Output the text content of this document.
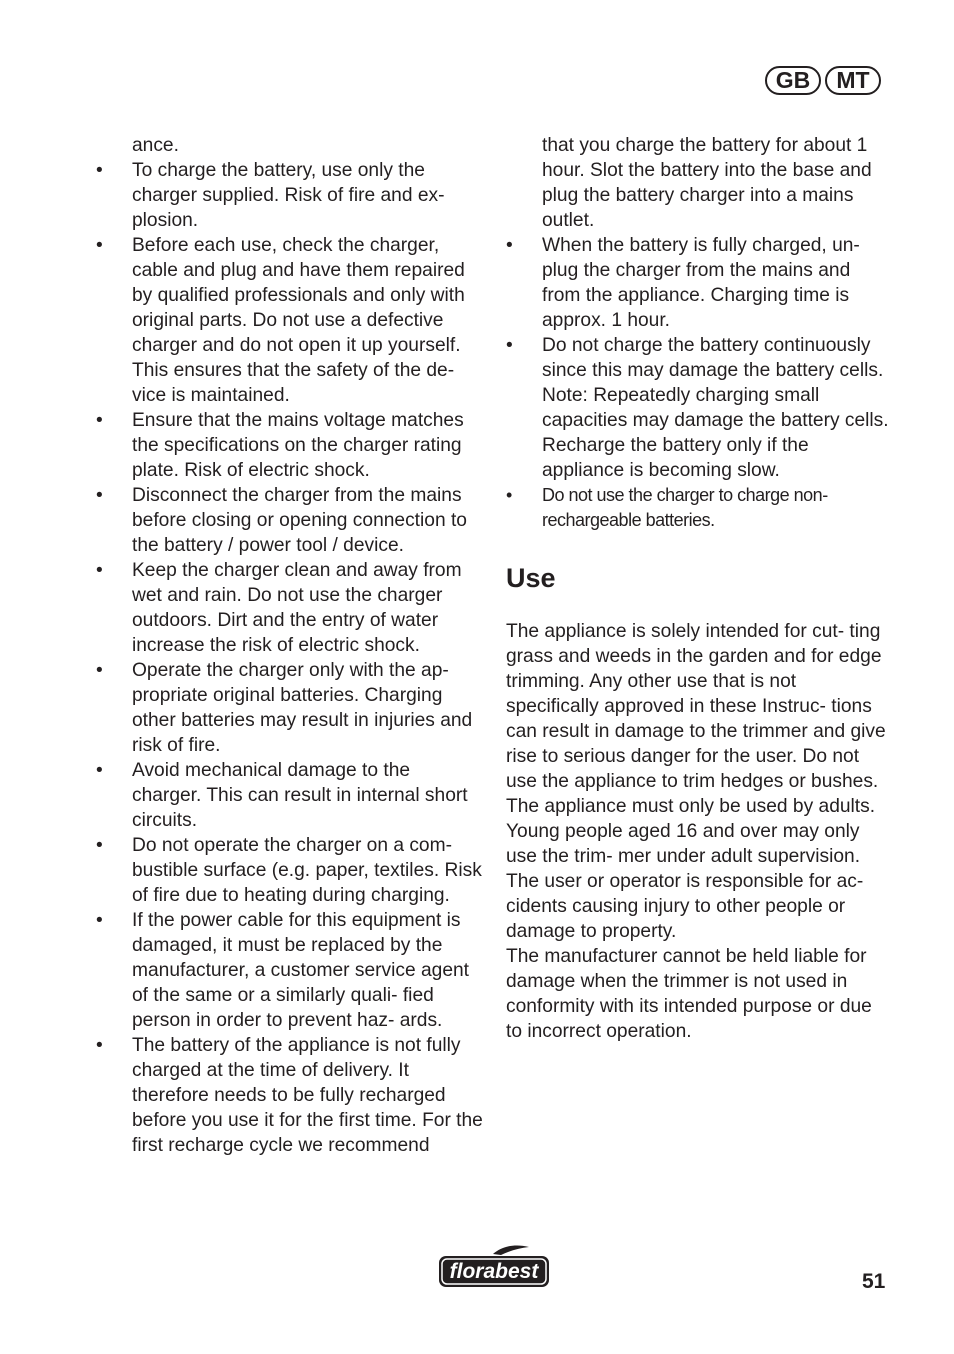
GB	MT
ance.
• To charge the battery, use only the charger supplied. Risk of fire and ex- plosion.
• Before each use, check the charger, cable and plug and have them repaired by qualified professionals and only with original parts. Do not use a defective charger and do not open it up yourself. This ensures that the safety of the de- vice is maintained.
• Ensure that the mains voltage matches the specifications on the charger rating plate. Risk of electric shock.
• Disconnect the charger from the mains before closing or opening connection to the battery / power tool / device.
• Keep the charger clean and away from wet and rain. Do not use the charger outdoors. Dirt and the entry of water increase the risk of electric shock.
• Operate the charger only with the ap- propriate original batteries. Charging other batteries may result in injuries and risk of fire.
• Avoid mechanical damage to the charger. This can result in internal short circuits.
• Do not operate the charger on a com- bustible surface (e.g. paper, textiles. Risk of fire due to heating during charging.
• If the power cable for this equipment is damaged, it must be replaced by the manufacturer, a customer service agent of the same or a similarly quali- fied person in order to prevent haz- ards.
• The battery of the appliance is not fully charged at the time of delivery. It therefore needs to be fully recharged before you use it for the first time. For the first recharge cycle we recommend
that you charge the battery for about 1 hour. Slot the battery into the base and plug the battery charger into a mains outlet.
• When the battery is fully charged, un- plug the charger from the mains and from the appliance. Charging time is approx. 1 hour.
• Do not charge the battery continuously since this may damage the battery cells. Note: Repeatedly charging small capacities may damage the battery cells. Recharge the battery only if the appliance is becoming slow.
• Do not use the charger to charge non- rechargeable batteries.
Use

The appliance is solely intended for cut- ting grass and weeds in the garden and for edge trimming. Any other use that is not specifically approved in these Instruc- tions can result in damage to the trimmer and give rise to serious danger for the user. Do not use the appliance to trim hedges or bushes. The appliance must only be used by adults. Young people aged 16 and over may only use the trim- mer under adult supervision.

The user or operator is responsible for ac- cidents causing injury to other people or damage to property.

The manufacturer cannot be held liable for damage when the trimmer is not used in conformity with its intended purpose or due to incorrect operation.

florabest	51
